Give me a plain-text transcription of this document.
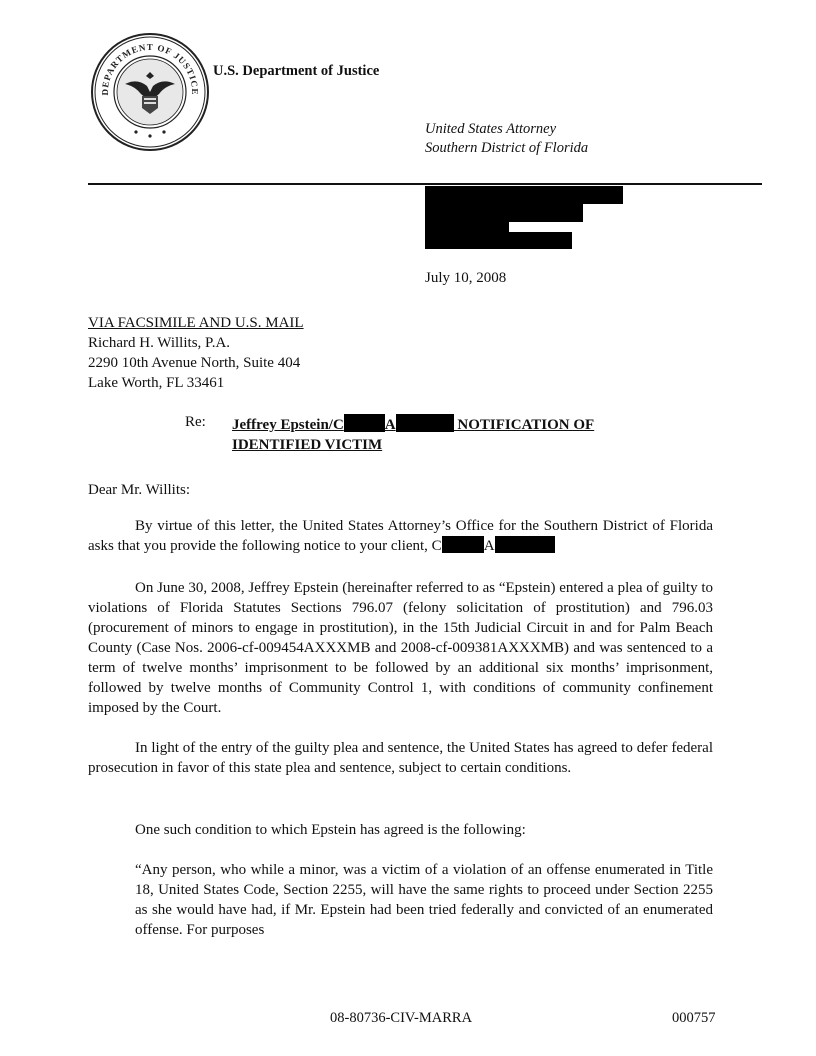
DEPARTMENT OF JUSTICE
U.S. Department of Justice
United States Attorney
Southern District of Florida
July 10, 2008
VIA FACSIMILE AND U.S. MAIL
Richard H. Willits, P.A.
2290 10th Avenue North, Suite 404
Lake Worth, FL 33461
Re: Jeffrey Epstein/C	A	NOTIFICATION OF
IDENTIFIED VICTIM
Dear Mr. Willits:

By virtue of this letter, the United States Attorney’s Office for the Southern District of Florida asks that you provide the following notice to your client, C	A

On June 30, 2008, Jeffrey Epstein (hereinafter referred to as “Epstein) entered a plea of guilty to violations of Florida Statutes Sections 796.07 (felony solicitation of prostitution) and 796.03 (procurement of minors to engage in prostitution), in the 15th Judicial Circuit in and for Palm Beach County (Case Nos. 2006-cf-009454AXXXMB and 2008-cf-009381AXXXMB) and was sentenced to a term of twelve months’ imprisonment to be followed by an additional six months’ imprisonment, followed by twelve months of Community Control 1, with conditions of community confinement imposed by the Court.

In light of the entry of the guilty plea and sentence, the United States has agreed to defer federal prosecution in favor of this state plea and sentence, subject to certain conditions.

One such condition to which Epstein has agreed is the following:

“Any person, who while a minor, was a victim of a violation of an offense enumerated in Title 18, United States Code, Section 2255, will have the same rights to proceed under Section 2255 as she would have had, if Mr. Epstein had been tried federally and convicted of an enumerated offense. For purposes

08-80736-CIV-MARRA	000757
